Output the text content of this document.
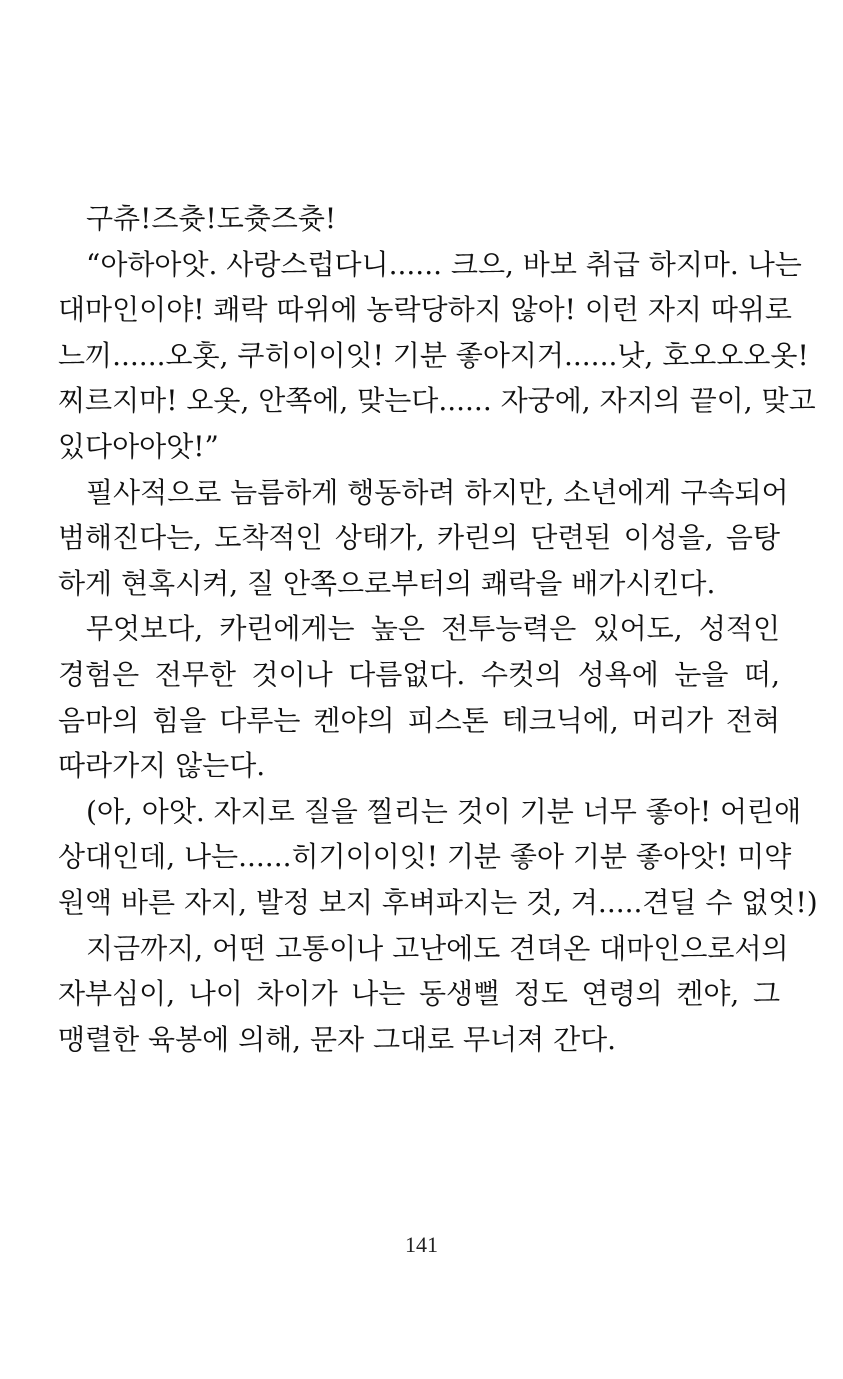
구츄!즈츗!도츗즈츗!
“아하아앗. 사랑스럽다니...... 크으, 바보 취급 하지마. 나는
대마인이야! 쾌락 따위에 농락당하지 않아! 이런 자지 따위로
느끼......오홋, 쿠히이이잇! 기분 좋아지거......낫, 호오오오옷!
찌르지마! 오옷, 안쪽에, 맞는다...... 자궁에, 자지의 끝이, 맞고
있다아아앗!”
필사적으로 늠름하게 행동하려 하지만, 소년에게 구속되어
범해진다는, 도착적인 상태가, 카린의 단련된 이성을, 음탕
하게 현혹시켜, 질 안쪽으로부터의 쾌락을 배가시킨다.
무엇보다, 카린에게는 높은 전투능력은 있어도, 성적인
경험은 전무한 것이나 다름없다. 수컷의 성욕에 눈을 떠,
음마의 힘을 다루는 켄야의 피스톤 테크닉에, 머리가 전혀
따라가지 않는다.
(아, 아앗. 자지로 질을 찔리는 것이 기분 너무 좋아! 어린애
상대인데, 나는......히기이이잇! 기분 좋아 기분 좋아앗! 미약
원액 바른 자지, 발정 보지 후벼파지는 것, 겨.....견딜 수 없엇!)
지금까지, 어떤 고통이나 고난에도 견뎌온 대마인으로서의
자부심이, 나이 차이가 나는 동생뻘 정도 연령의 켄야, 그
맹렬한 육봉에 의해, 문자 그대로 무너져 간다.
141
